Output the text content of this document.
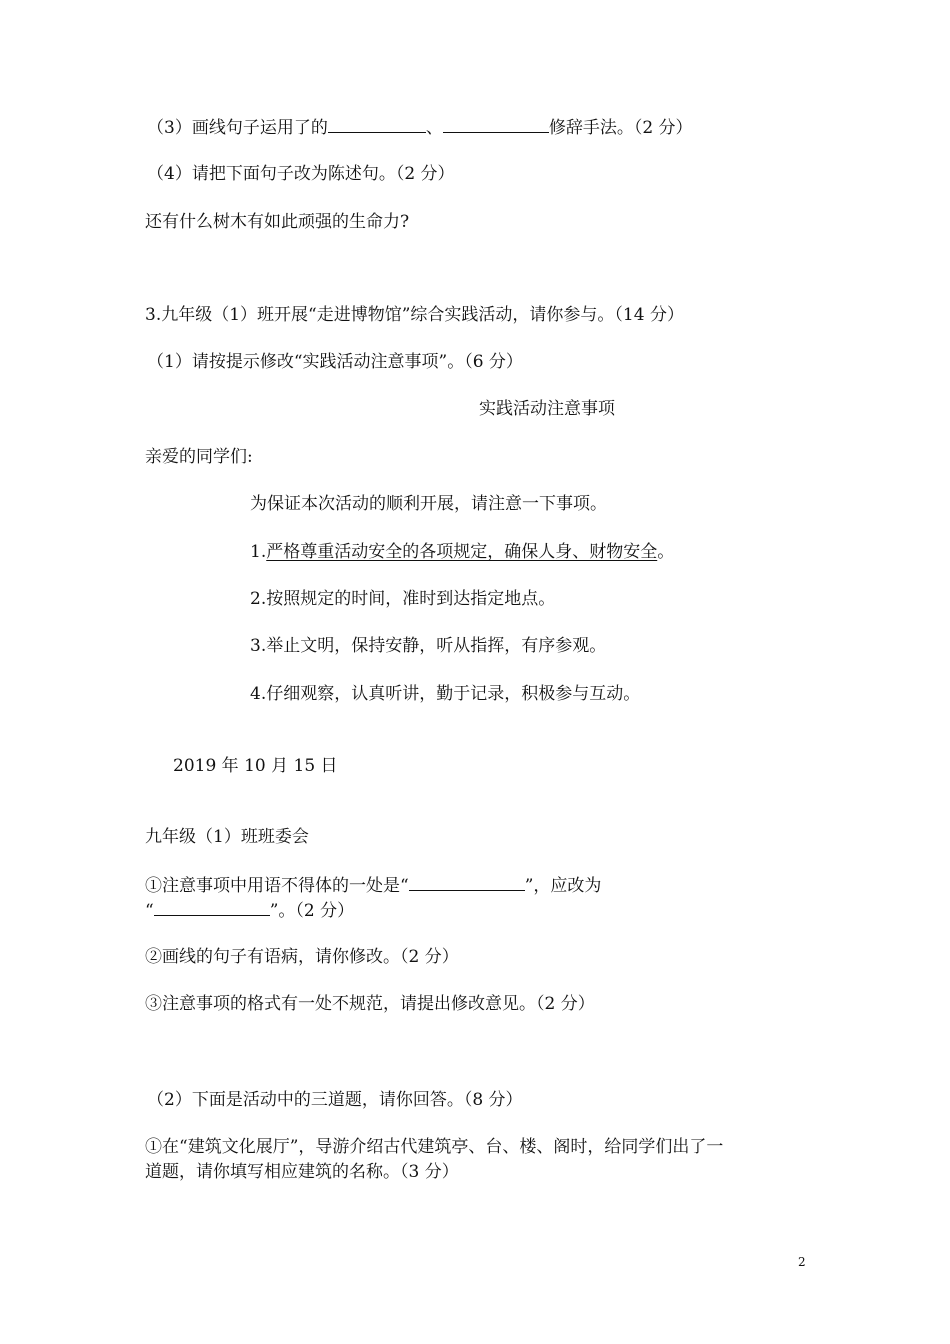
（3）画线句子运用了的	、	修辞手法。（2 分）
（4）请把下面句子改为陈述句。（2 分）
还有什么树木有如此顽强的生命力?
3.九年级（1）班开展“走进博物馆”综合实践活动，请你参与。（14 分）
（1）请按提示修改“实践活动注意事项”。（6 分）
实践活动注意事项
亲爱的同学们:
为保证本次活动的顺利开展，请注意一下事项。
1.严格尊重活动安全的各项规定，确保人身、财物安全。
2.按照规定的时间，准时到达指定地点。
3.举止文明，保持安静，听从指挥，有序参观。
4.仔细观察，认真听讲，勤于记录，积极参与互动。
2019 年 10 月 15 日
九年级（1）班班委会
①注意事项中用语不得体的一处是“	”，应改为
“	”。（2 分）
②画线的句子有语病，请你修改。（2 分）
③注意事项的格式有一处不规范，请提出修改意见。（2 分）
（2）下面是活动中的三道题，请你回答。（8 分）
①在“建筑文化展厅”，导游介绍古代建筑亭、台、楼、阁时，给同学们出了一
道题，请你填写相应建筑的名称。（3 分）
2
